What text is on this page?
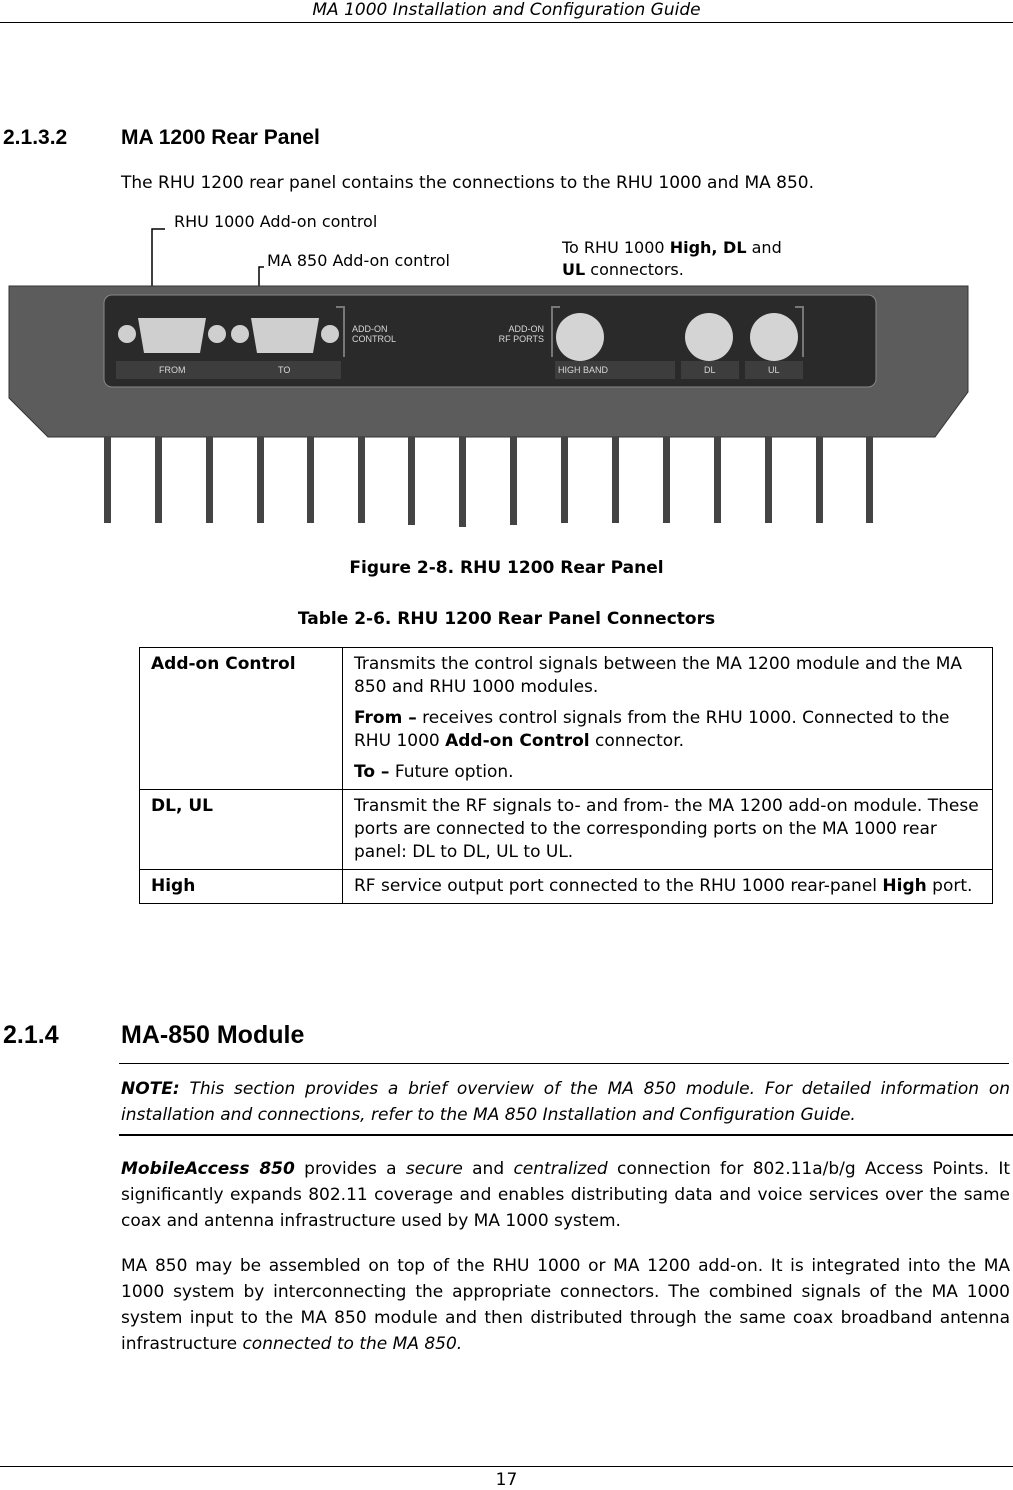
MA 1000 Installation and Configuration Guide
2.1.3.2	MA 1200 Rear Panel
The RHU 1200 rear panel contains the connections to the RHU 1000 and MA 850.
RHU 1000 Add-on control
MA 850 Add-on control
To RHU 1000 High, DL and
UL connectors.
FROM	TO
ADD-ON
CONTROL
ADD-ON
RF PORTS
HIGH BAND	DL	UL
Figure 2-8. RHU 1200 Rear Panel
Table 2-6. RHU 1200 Rear Panel Connectors
Add-on Control	Transmits the control signals between the MA 1200 module and the MA 850 and RHU 1000 modules.

From – receives control signals from the RHU 1000. Connected to the RHU 1000 Add-on Control connector.

To – Future option.

DL, UL	Transmit the RF signals to- and from- the MA 1200 add-on module. These ports are connected to the corresponding ports on the MA 1000 rear panel: DL to DL, UL to UL.
High	RF service output port connected to the RHU 1000 rear-panel High port.
2.1.4 MA-850 Module
NOTE: This section provides a brief overview of the MA 850 module. For detailed information on installation and connections, refer to the MA 850 Installation and Configuration Guide.
MobileAccess 850 provides a secure and centralized connection for 802.11a/b/g Access Points. It significantly expands 802.11 coverage and enables distributing data and voice services over the same coax and antenna infrastructure used by MA 1000 system.
MA 850 may be assembled on top of the RHU 1000 or MA 1200 add-on. It is integrated into the MA 1000 system by interconnecting the appropriate connectors. The combined signals of the MA 1000 system input to the MA 850 module and then distributed through the same coax broadband antenna infrastructure connected to the MA 850.
17
